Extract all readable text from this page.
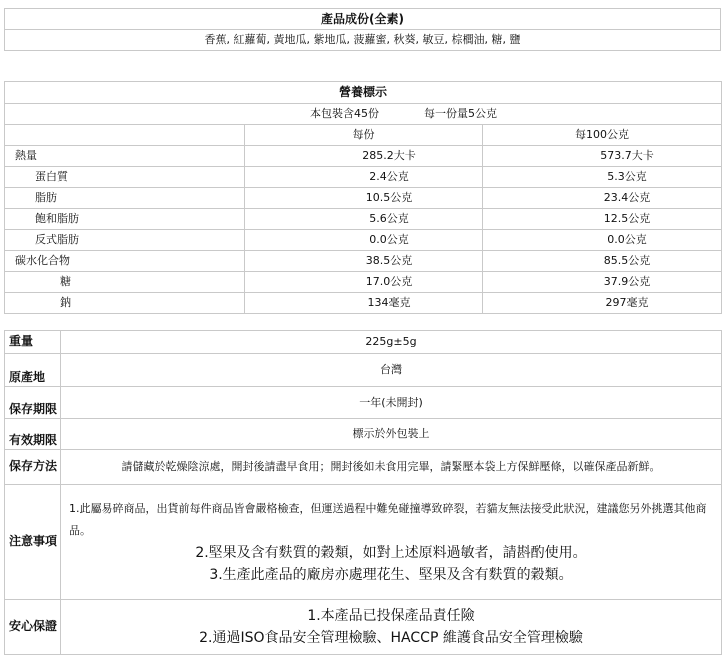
產品成份(全素)
香蕉, 紅蘿蔔, 黃地瓜, 紫地瓜, 菠蘿蜜, 秋葵, 敏豆, 棕櫚油, 糖, 鹽
營養標示		
本包裝含45份 每一份量5公克		
	每份	每100公克
熱量	285.2大卡	573.7大卡
蛋白質	2.4公克	5.3公克
脂肪	10.5公克	23.4公克
飽和脂肪	5.6公克	12.5公克
反式脂肪	0.0公克	0.0公克
碳水化合物	38.5公克	85.5公克
糖	17.0公克	37.9公克
鈉	134毫克	297毫克
重量	225g±5g
原產地	台灣
保存期限	一年(未開封)
有效期限	標示於外包裝上
保存方法	請儲藏於乾燥陰涼處，開封後請盡早食用；開封後如未食用完畢，請緊壓本袋上方保鮮壓條，以確保產品新鮮。
注意事項	1.此屬易碎商品，出貨前每件商品皆會嚴格檢查，但運送過程中難免碰撞導致碎裂，若貓友無法接受此狀況，建議您另外挑選其他商品。
2.堅果及含有麩質的穀類，如對上述原料過敏者，請斟酌使用。
3.生產此產品的廠房亦處理花生、堅果及含有麩質的穀類。

安心保證	1.本產品已投保產品責任險
2.通過ISO食品安全管理檢驗、HACCP 維護食品安全管理檢驗
